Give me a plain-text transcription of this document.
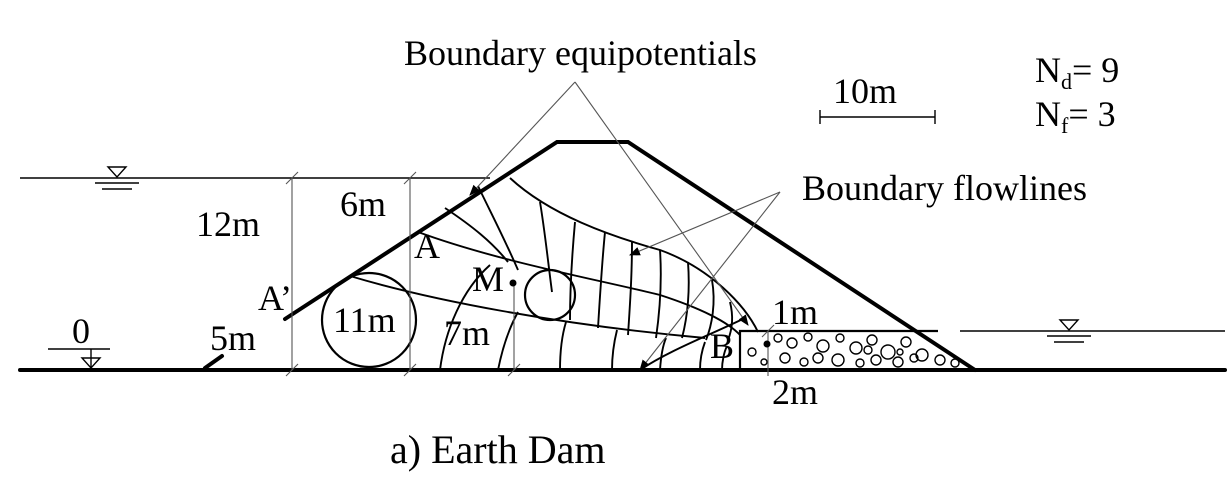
Boundary equipotentials
Boundary flowlines
10m
Nd= 9
Nf= 3
12m 6m
5m 11m 7m
1m
2m
A
A’	M
B
0
a) Earth Dam
